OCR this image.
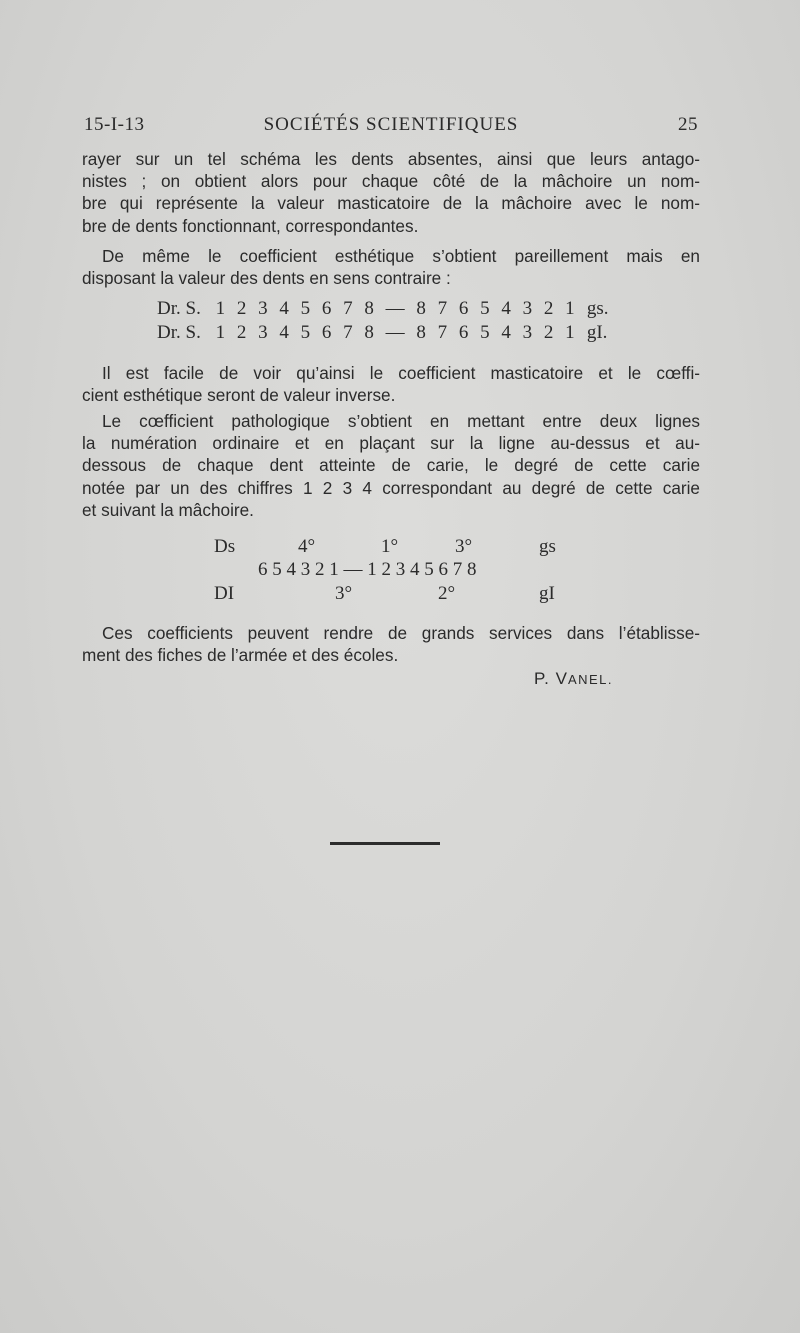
15-I-13	SOCIÉTÉS SCIENTIFIQUES	25
rayer sur un tel schéma les dents absentes, ainsi que leurs antago-
nistes ; on obtient alors pour chaque côté de la mâchoire un nom-
bre qui représente la valeur masticatoire de la mâchoire avec le nom-
bre de dents fonctionnant, correspondantes.
De même le coefficient esthétique s’obtient pareillement mais en
disposant la valeur des dents en sens contraire :
Dr. S. 1 2 3 4 5 6 7 8 — 8 7 6 5 4 3 2 1 gs.
Dr. S. 1 2 3 4 5 6 7 8 — 8 7 6 5 4 3 2 1 gI.
Il est facile de voir qu’ainsi le coefficient masticatoire et le cœffi-
cient esthétique seront de valeur inverse.
Le cœfficient pathologique s’obtient en mettant entre deux lignes
la numération ordinaire et en plaçant sur la ligne au-dessus et au-
dessous de chaque dent atteinte de carie, le degré de cette carie
notée par un des chiffres 1 2 3 4 correspondant au degré de cette carie
et suivant la mâchoire.
Ds	4°	1°	3°	gs
6 5 4 3 2 1 — 1 2 3 4 5 6 7 8
DI	3°	2°	gI
Ces coefficients peuvent rendre de grands services dans l’établisse-
ment des fiches de l’armée et des écoles.
P. VANEL.
